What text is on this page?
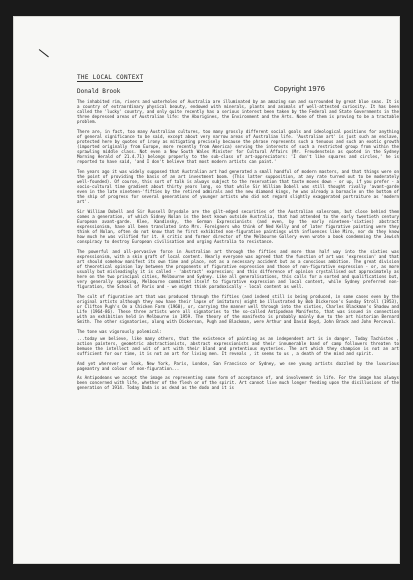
THE LOCAL CONTEXT
Donald Brook	Copyright 1976

The inhabited rim, rivers and waterholes of Australia are illuminated by an amazing sun and surrounded by great blue seas. It is a country of extraordinary physical beauty, endowed with minerals, plants and animals of well-attested curiosity. It has been called the 'lucky' country, and only quite recently has a serious interest been taken by the Federal and State Governments in the three depressed areas of Australian life: the Aborigines, the Environment and the Arts. None of them is proving to be a tractable problem.

There are, in fact, too many Australian cultures, too many grossly different social goals and ideological positions for anything of general significance to be said, except about very narrow areas of Australian life. 'Australian art' is just such an enclave, protected here by quotes of irony as mitigating precisely because the phrase represents such a tenuous and such an exotic growth (imported originally from Europe, more recently from America) serving the interests of such a restricted group from within the sprawling middle class. Not even a New South Wales Minister for Cultural Affairs (Mr. Freudenstein as quoted in the Sydney Morning Herald of 21.4.71) belongs properly to the sub-class of art-appreciators: 'I don't like squares and circles,' he is reported to have said, 'and I don't believe that most modern artists can paint.'

Ten years ago it was widely supposed that Australian art had generated a small handful of modern masters, and that things were on the point of providing the basis of an art investment boom. (This latter supposition, at any rate turned out to be moderately well-founded). Of course, this sort of talk is always subject to the reservation that taste moves down - or up, if you prefer - a socio-cultural time gradient about thirty years long, so that while Sir William Dobell was still thought rivally 'avant-garde even in the late nineteen-'fifties by the retired admirals and the new diamond kings, he was already a barnacle on the bottom of the ship of progress for several generations of younger artists who did not regard slightly exaggerated portraiture as 'modern art'.

Sir William Dobell and Sir Russell Drysdale are the gilt-edged securities of the Australian salesroom, but close behind them comes a generation, of which Sidney Nolan is the best known outside Australia, that had attended to the early twentieth century European avant-garde. Klee, Kandinsky, the German Expressionists (and even, by the early nineteen-'sixties) abstract expressionism, have all been translated into Mrs. Foreigners who think of Ned Kelly and of later figurative painting were they think of Nolan, often do not know that he first exhibited non-figurative paintings with influences like Miro, nor do they know how much he was vilified for it. A critic and former director of the Melbourne Gallery even wrote a book condemning the Jewish conspiracy to destroy European civilisation and urging Australia to resistance.

The powerful and all-pervasive force in Australian art through the fifties and more than half way into the sixties was expressionism, with a skin graft of local content. Nearly everyone was agreed that the function of art was 'expression' and that art should somehow manifest its own time and place, not as a necessary accident but as a conscious ambition. The great division of theoretical opinion lay between the proponents of figurative expression and those of non-figurative expression - or, as more usually but misleadingly it is called - 'abstract' expression; and this difference of opinion crystallised out approximately as here on the two principal cities, Melbourne and Sydney. Like all generalisations, this calls for a sorted and qualifications but, very generally speaking, Melbourne committed itself to figurative expression and local content, while Sydney preferred non-figuration, the School of Paris and - we might think paradoxically - local content as well.

The cult of figurative art that was produced through the fifties (and indeed still is being produced, in some cases even by the original artists although they now have their lapse of imitators) might be illustrated by Bob Dickerson's Sunday Stroll (1953), or Clifton Pugh's On a Chicken Farm (1960), or, carrying the manner well through into the sixties, Charles Blackman's Shadow and Life (1964-86). These three artists were all signatories to the so-called Antipodean Manifesto, that was issued in connection with an exhibition held in Melbourne in 1959. The theory of the manifesto is probably mainly due to the art historian Bernard Smith. The other signatories, along with Dickerson, Pugh and Blackman, were Arthur and David Boyd, John Brack and John Perceval.

The tone was vigorously polemical:

...today we believe, like many others, that the existence of painting as an independent art is in danger. Today Tachistes , action painters, geometric abstractionists, abstract expressionists and their innumerable band of camp followers threaten to bemuse the intellect and wit of art with their bland and pretentious mysteries. The art which they champion is not an art sufficient for our time, it is not an art for living men. It reveals , it seems to us , a death of the mind and spirit.

And yet wherever we look, New York, Paris, London, San Francisco or Sydney, we see young artists dazzled by the luxurious pageantry and colour of non-figuration...

As Antipodeans we accept the image as representing some form of acceptance of, and involvement in life. For the image has always been concerned with life, whether of the flesh or of the spirit. Art cannot live much longer feeding upon the disillusions of the generation of 1914. Today Dada is as dead as the dodo and it is
